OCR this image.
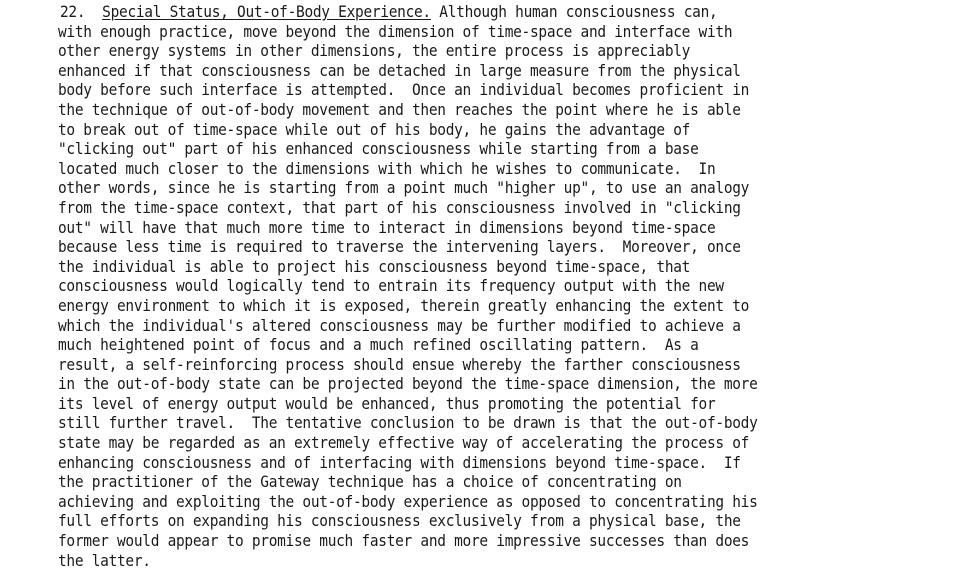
22. Special Status, Out-of-Body Experience. Although human consciousness can,
with enough practice, move beyond the dimension of time-space and interface with
other energy systems in other dimensions, the entire process is appreciably
enhanced if that consciousness can be detached in large measure from the physical
body before such interface is attempted.  Once an individual becomes proficient in
the technique of out-of-body movement and then reaches the point where he is able
to break out of time-space while out of his body, he gains the advantage of
"clicking out" part of his enhanced consciousness while starting from a base
located much closer to the dimensions with which he wishes to communicate.  In
other words, since he is starting from a point much "higher up", to use an analogy
from the time-space context, that part of his consciousness involved in "clicking
out" will have that much more time to interact in dimensions beyond time-space
because less time is required to traverse the intervening layers.  Moreover, once
the individual is able to project his consciousness beyond time-space, that
consciousness would logically tend to entrain its frequency output with the new
energy environment to which it is exposed, therein greatly enhancing the extent to
which the individual's altered consciousness may be further modified to achieve a
much heightened point of focus and a much refined oscillating pattern.  As a
result, a self-reinforcing process should ensue whereby the farther consciousness
in the out-of-body state can be projected beyond the time-space dimension, the more
its level of energy output would be enhanced, thus promoting the potential for
still further travel.  The tentative conclusion to be drawn is that the out-of-body
state may be regarded as an extremely effective way of accelerating the process of
enhancing consciousness and of interfacing with dimensions beyond time-space.  If
the practitioner of the Gateway technique has a choice of concentrating on
achieving and exploiting the out-of-body experience as opposed to concentrating his
full efforts on expanding his consciousness exclusively from a physical base, the
former would appear to promise much faster and more impressive successes than does
the latter.
